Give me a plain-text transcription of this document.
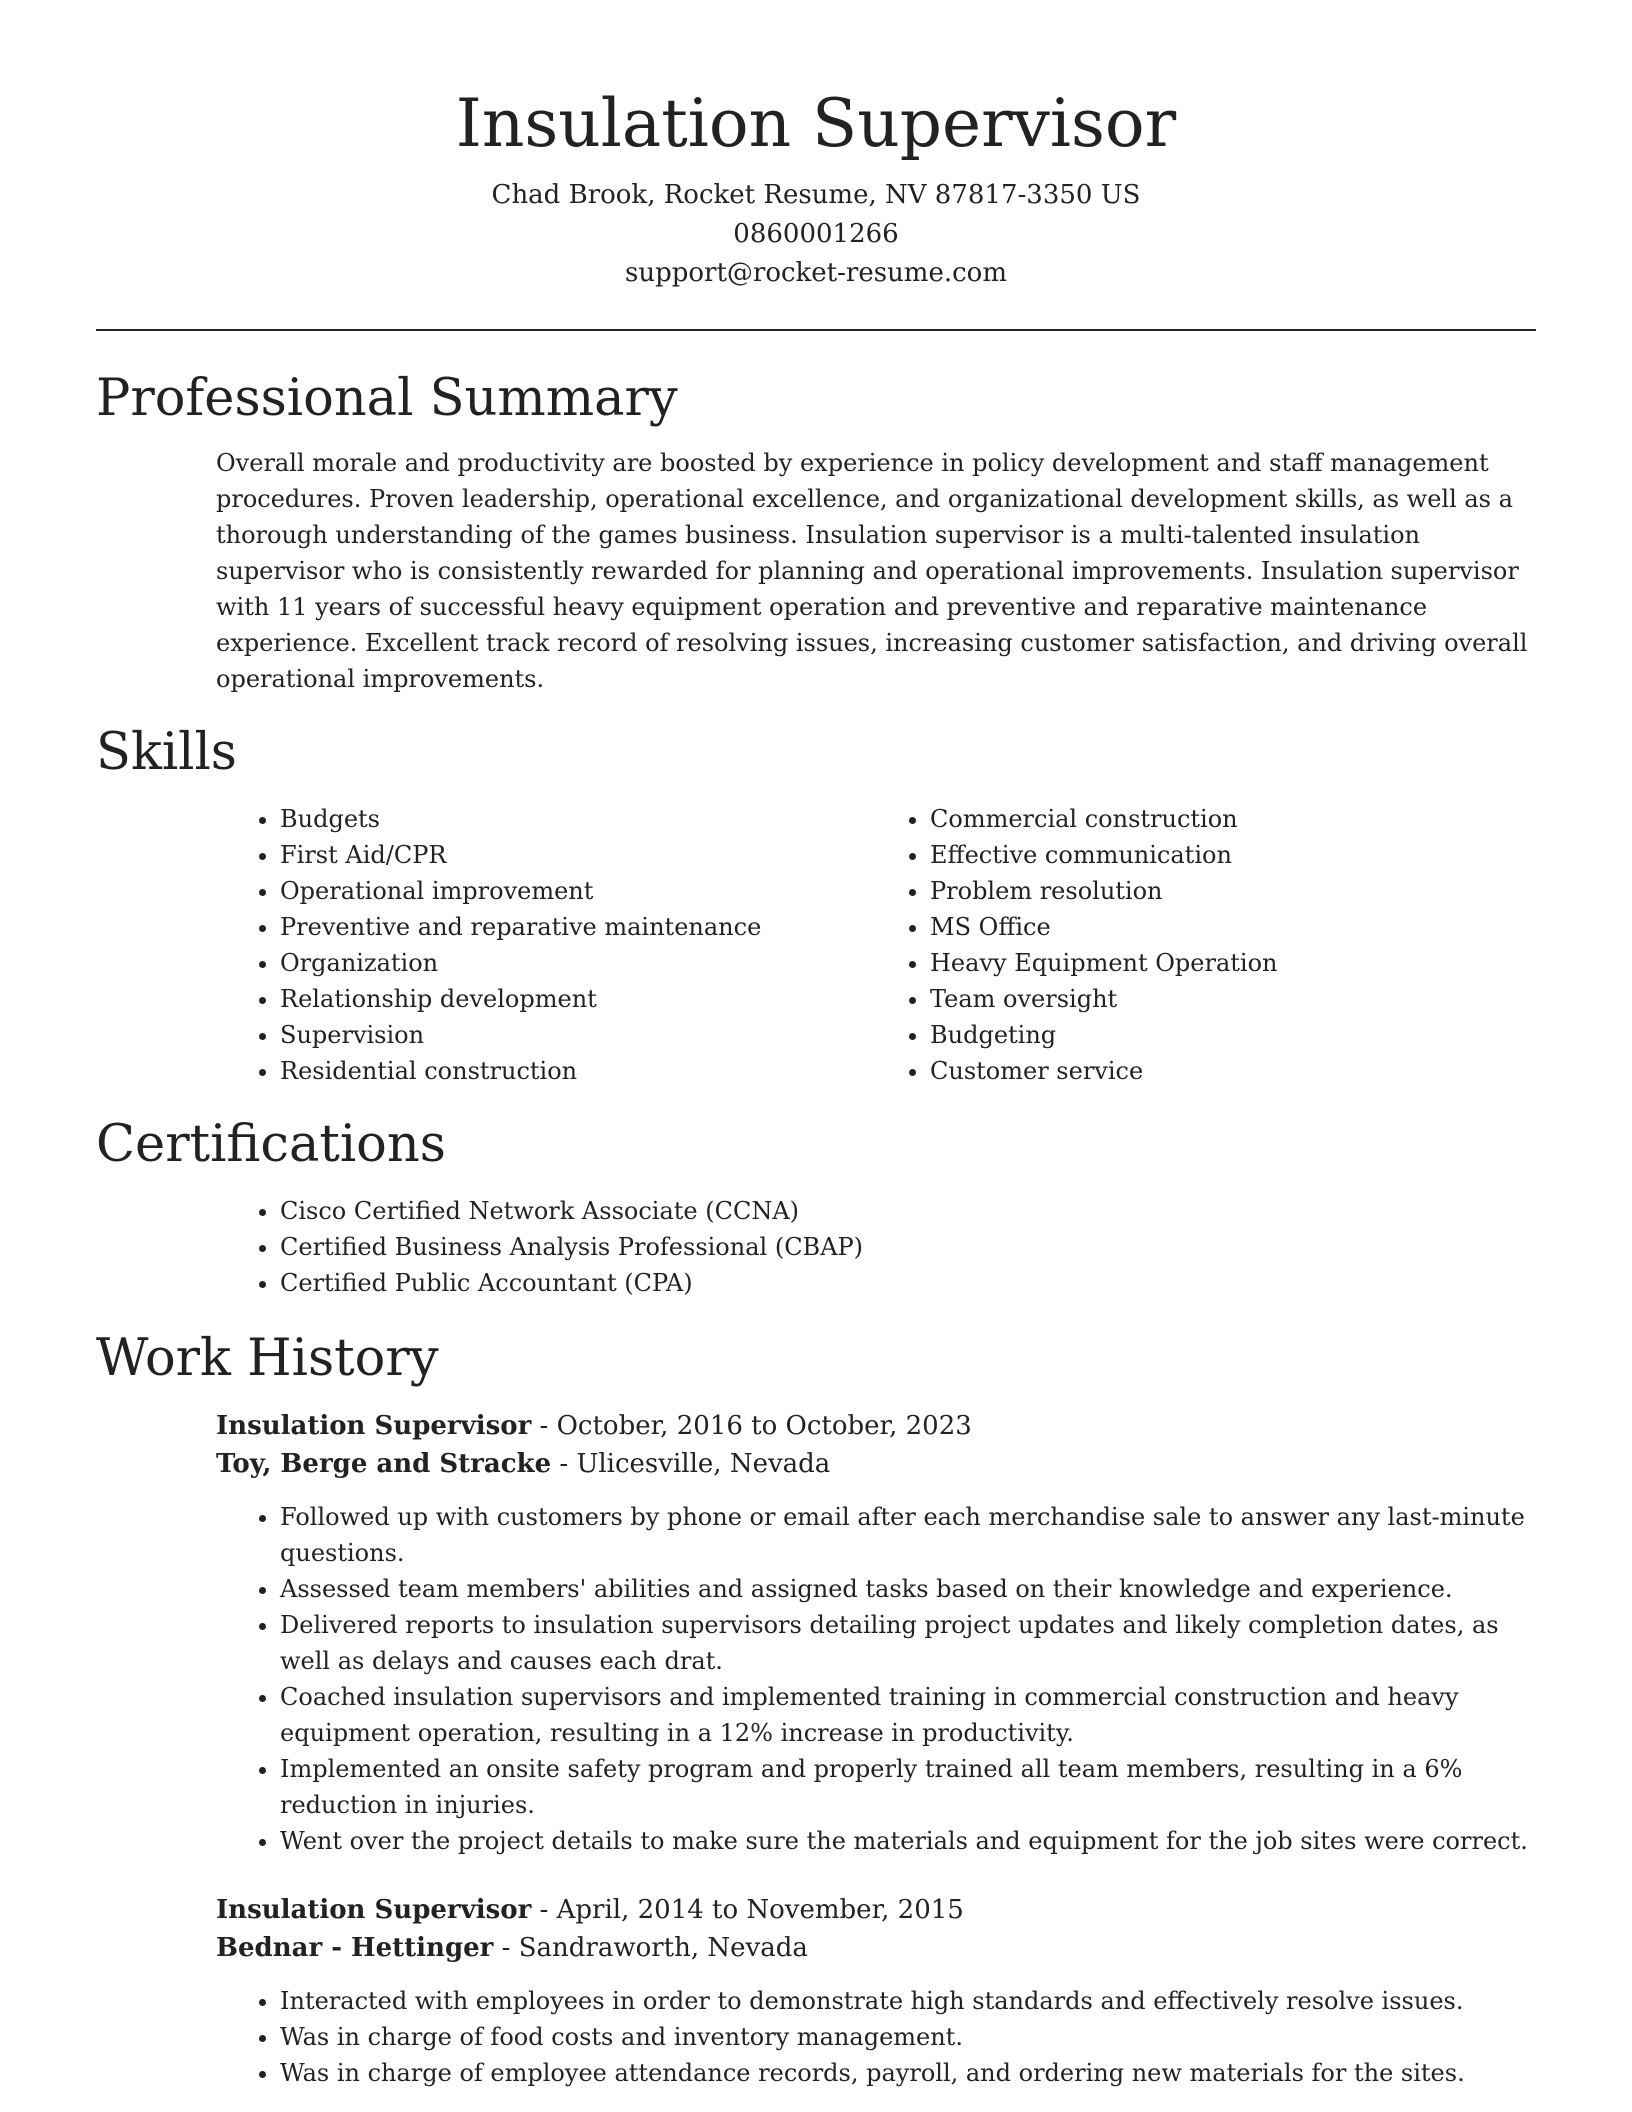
Insulation Supervisor

Chad Brook, Rocket Resume, NV 87817-3350 US

0860001266

support@rocket-resume.com

Professional Summary

Overall morale and productivity are boosted by experience in policy development and staff management procedures. Proven leadership, operational excellence, and organizational development skills, as well as a thorough understanding of the games business. Insulation supervisor is a multi-talented insulation supervisor who is consistently rewarded for planning and operational improvements. Insulation supervisor with 11 years of successful heavy equipment operation and preventive and reparative maintenance experience. Excellent track record of resolving issues, increasing customer satisfaction, and driving overall operational improvements.

Skills
• Budgets
• First Aid/CPR
• Operational improvement
• Preventive and reparative maintenance
• Organization
• Relationship development
• Supervision
• Residential construction
• Commercial construction
• Effective communication
• Problem resolution
• MS Office
• Heavy Equipment Operation
• Team oversight
• Budgeting
• Customer service
Certifications
• Cisco Certified Network Associate (CCNA)
• Certified Business Analysis Professional (CBAP)
• Certified Public Accountant (CPA)
Work History

Insulation Supervisor - October, 2016 to October, 2023

Toy, Berge and Stracke - Ulicesville, Nevada

• Followed up with customers by phone or email after each merchandise sale to answer any last-minute questions.
• Assessed team members' abilities and assigned tasks based on their knowledge and experience.
• Delivered reports to insulation supervisors detailing project updates and likely completion dates, as well as delays and causes each drat.
• Coached insulation supervisors and implemented training in commercial construction and heavy equipment operation, resulting in a 12% increase in productivity.
• Implemented an onsite safety program and properly trained all team members, resulting in a 6% reduction in injuries.
• Went over the project details to make sure the materials and equipment for the job sites were correct.

Insulation Supervisor - April, 2014 to November, 2015

Bednar - Hettinger - Sandraworth, Nevada

• Interacted with employees in order to demonstrate high standards and effectively resolve issues.
• Was in charge of food costs and inventory management.
• Was in charge of employee attendance records, payroll, and ordering new materials for the sites.
